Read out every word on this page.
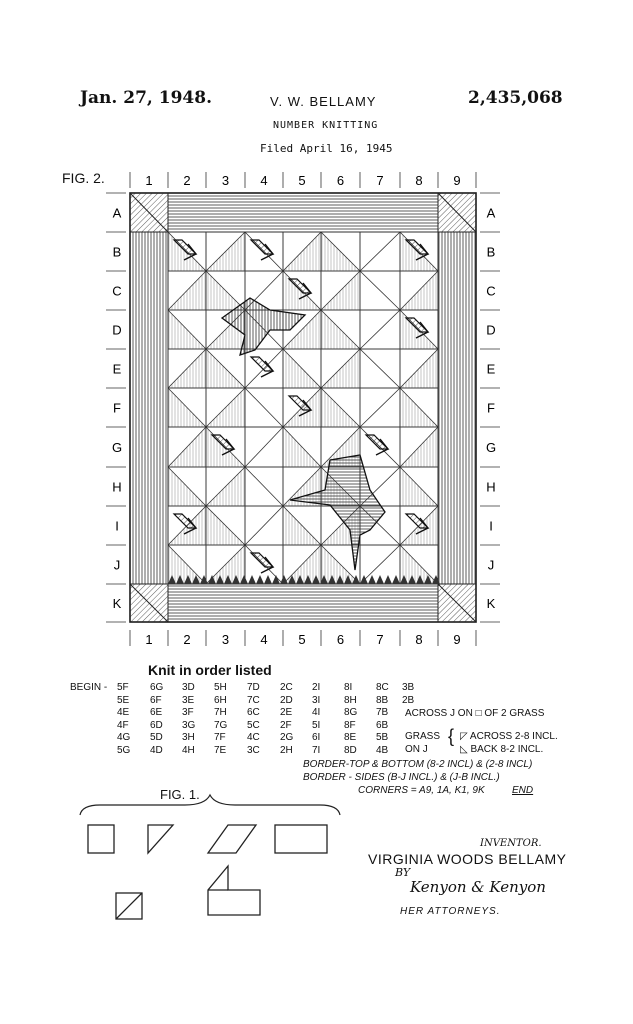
Jan. 27, 1948.	V. W. BELLAMY	2,435,068
NUMBER KNITTING
Filed April 16, 1945
FIG. 2.	1
1
2
2
3
3
4
4
5
5
6
6
7
7
8
8
9
9
A	A
B	B
C	C
D	D
E	E
F	F
G	G
H	H
I	I
J	J
K	K
Knit in order listed
BEGIN - 5F 6G 3D 5H 7D 2C 2I 8I 8C 3B
5E 6F 3E 6H 7C 2D 3I 8H 8B 2B
4E 6E 3F 7H 6C 2E 4I 8G 7B
4F 6D 3G 7G 5C 2F 5I 8F 6B
4G 5D 3H 7F 4C 2G 6I 8E 5B
5G 4D 4H 7E 3C 2H 7I 8D 4B
ACROSS J ON □ OF 2 GRASS
GRASS
ON J
{ ◸ ACROSS 2-8 INCL.
◺ BACK 8-2 INCL.
BORDER-TOP & BOTTOM (8-2 INCL) & (2-8 INCL)
BORDER - SIDES (B-J INCL.) & (J-B INCL.)
CORNERS = A9, 1A, K1, 9K	END
FIG. 1.
INVENTOR.
VIRGINIA WOODS BELLAMY
BY
Kenyon & Kenyon
HER ATTORNEYS.
